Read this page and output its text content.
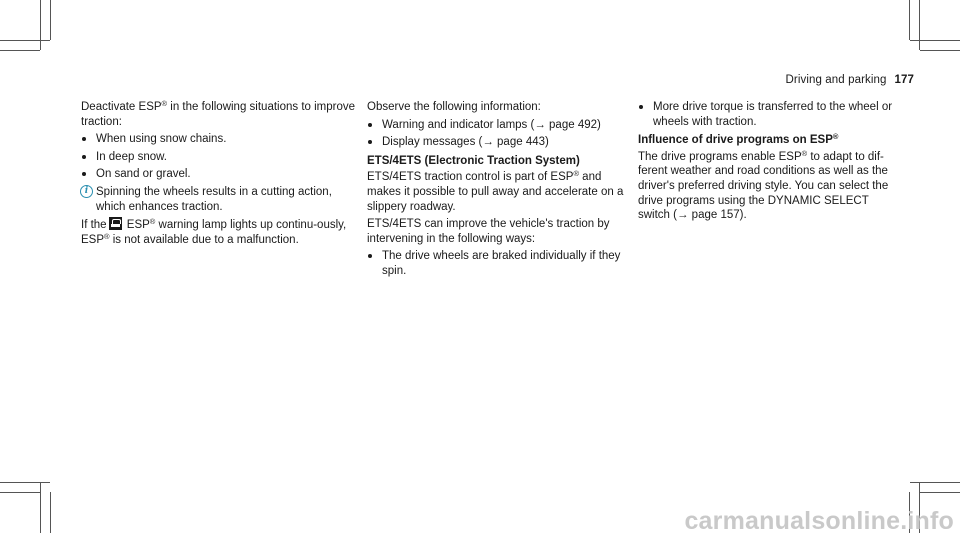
Driving and parking 177

Deactivate ESP® in the following situations to improve traction:

When using snow chains.
In deep snow.
On sand or gravel.
i Spinning the wheels results in a cutting action, which enhances traction.

If the ESP® warning lamp lights up continu-ously, ESP® is not available due to a malfunction.

Observe the following information:

Warning and indicator lamps (→ page 492)
Display messages (→ page 443)

ETS/4ETS (Electronic Traction System)

ETS/4ETS traction control is part of ESP® and makes it possible to pull away and accelerate on a slippery roadway.

ETS/4ETS can improve the vehicle's traction by intervening in the following ways:

The drive wheels are braked individually if they spin.
More drive torque is transferred to the wheel or wheels with traction.

Influence of drive programs on ESP®

The drive programs enable ESP® to adapt to dif-ferent weather and road conditions as well as the driver's preferred driving style. You can select the drive programs using the DYNAMIC SELECT switch (→ page 157).

carmanualsonline.info
